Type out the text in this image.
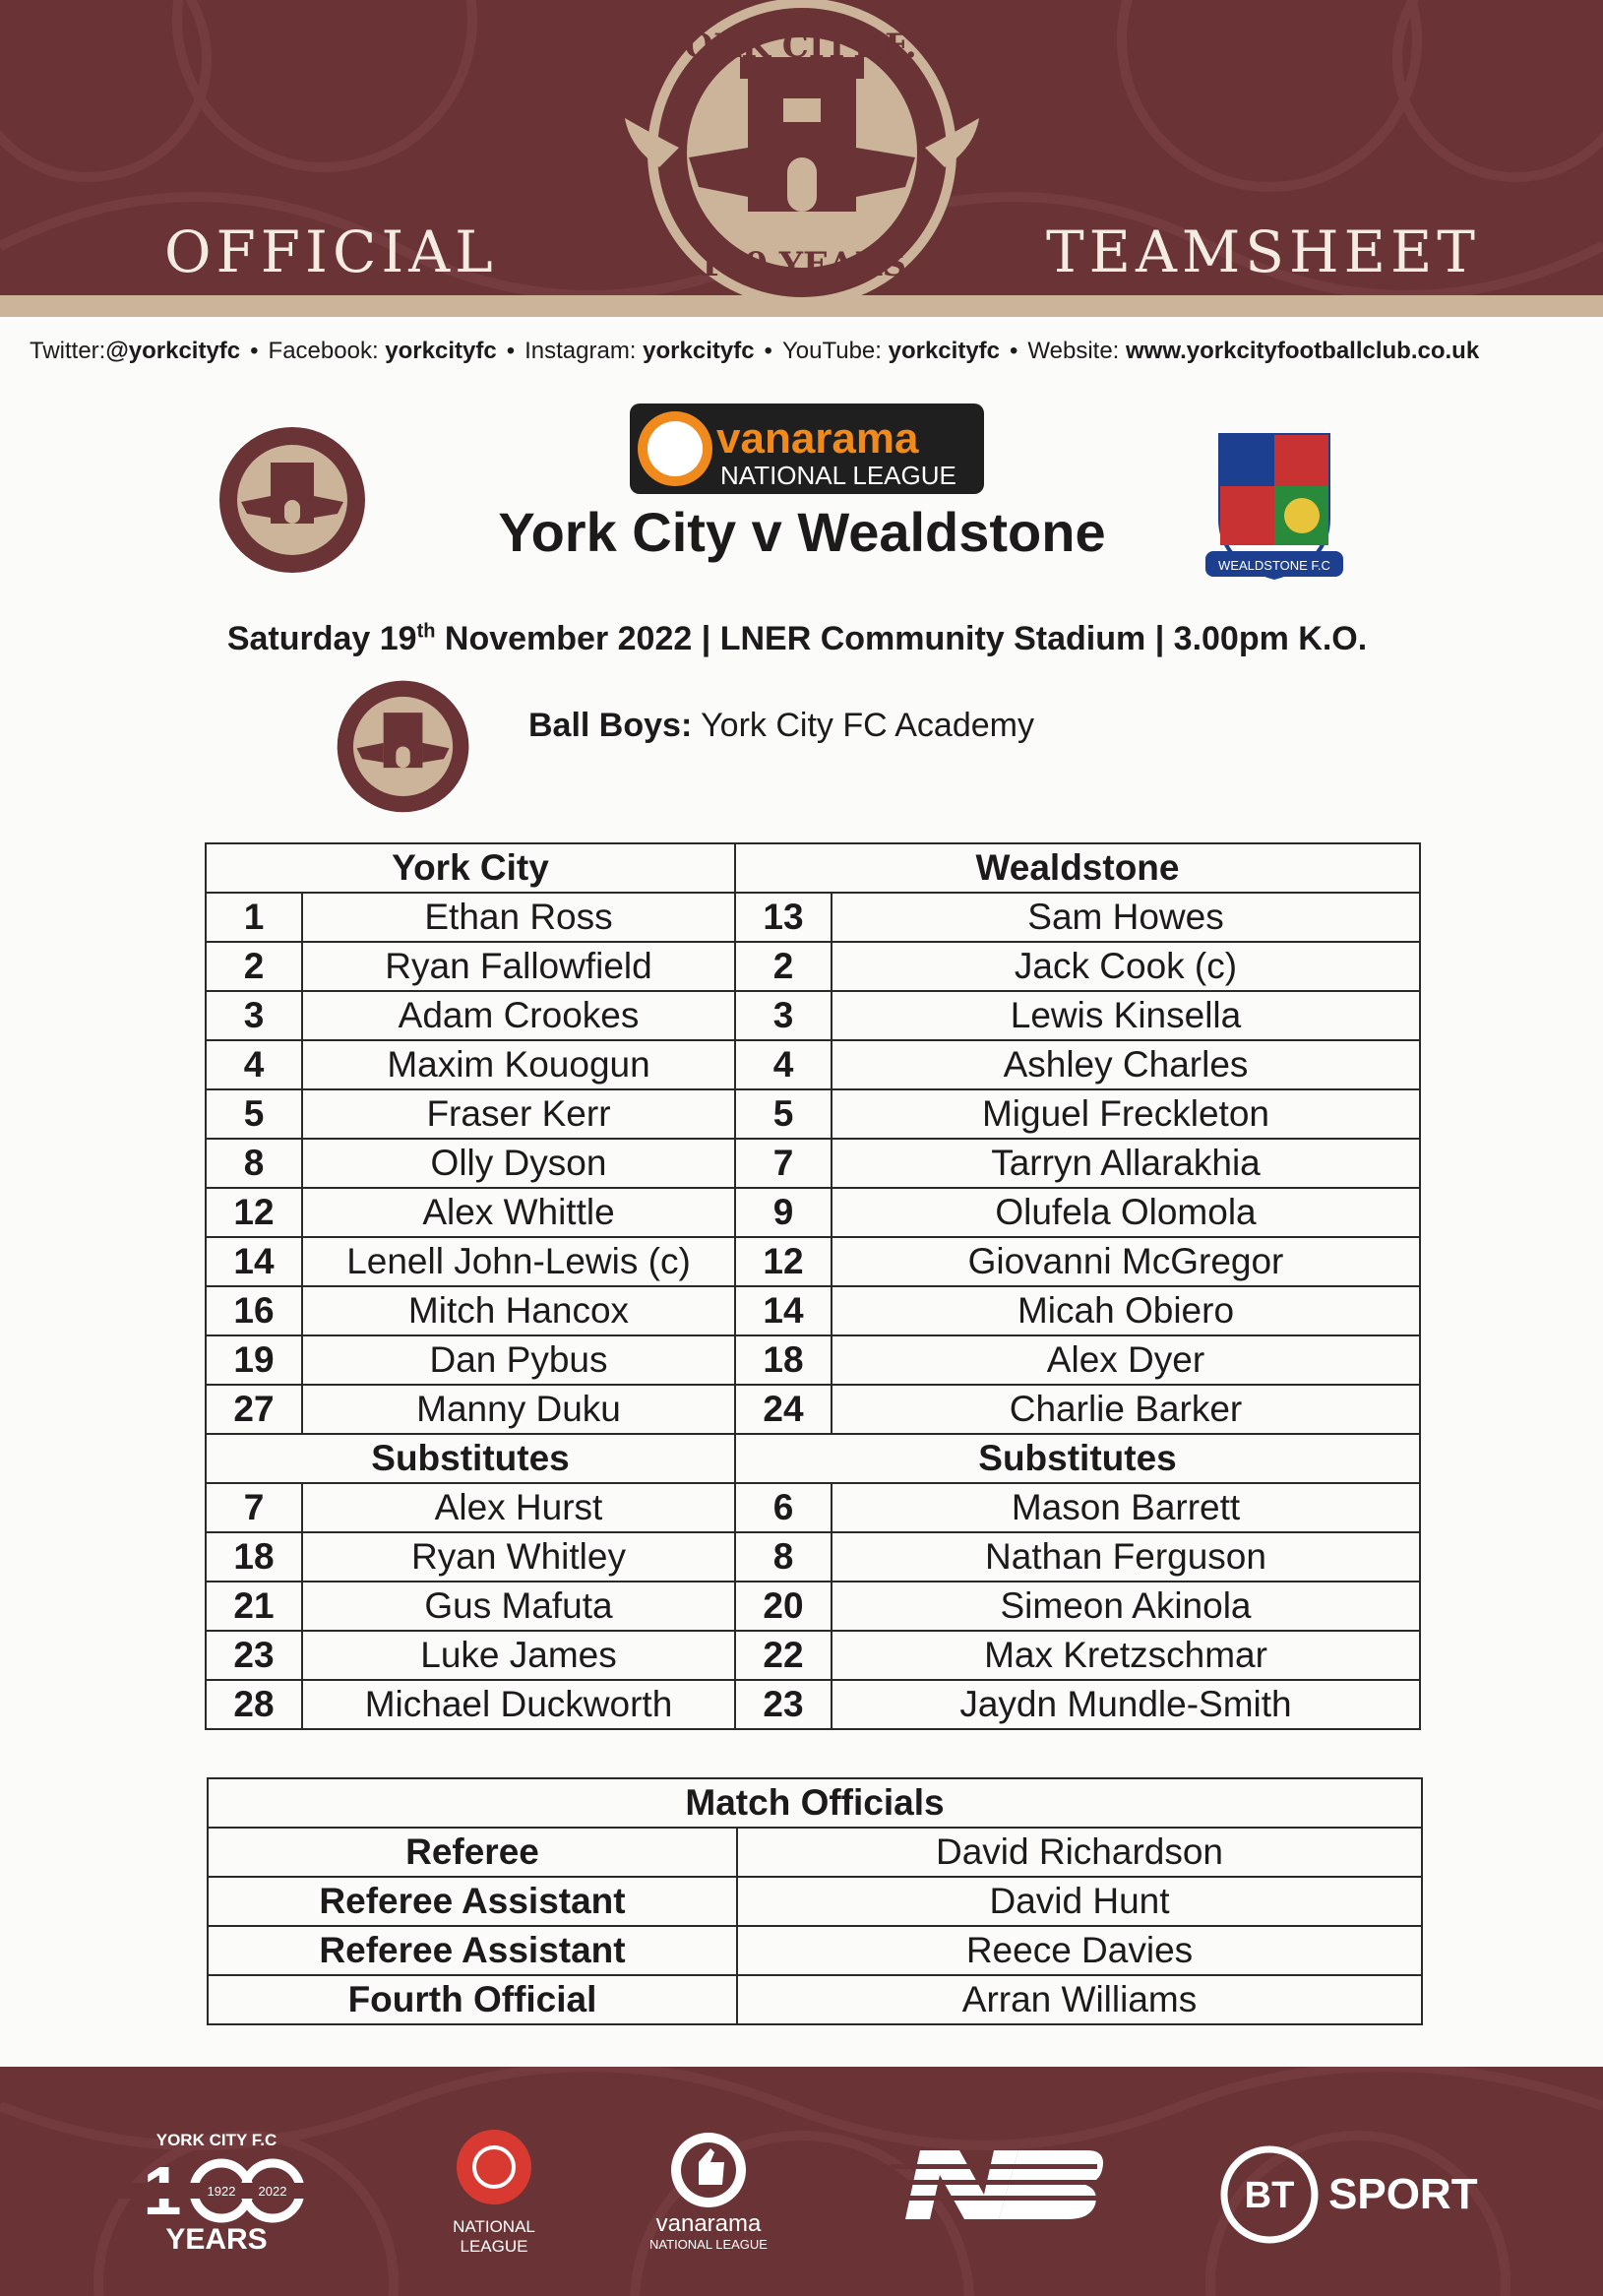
OFFICIAL	TEAMSHEET
YORK CITY F.C
100 YEARS
Twitter:@yorkcityfc • Facebook: yorkcityfc • Instagram: yorkcityfc • YouTube: yorkcityfc • Website: www.yorkcityfootballclub.co.uk
vanarama
NATIONAL LEAGUE
York City v Wealdstone
WEALDSTONE F.C
Saturday 19th November 2022 | LNER Community Stadium | 3.00pm K.O.
Ball Boys: York City FC Academy
York City		Wealdstone	
1	Ethan Ross	13	Sam Howes
2	Ryan Fallowfield	2	Jack Cook (c)
3	Adam Crookes	3	Lewis Kinsella
4	Maxim Kouogun	4	Ashley Charles
5	Fraser Kerr	5	Miguel Freckleton
8	Olly Dyson	7	Tarryn Allarakhia
12	Alex Whittle	9	Olufela Olomola
14	Lenell John-Lewis (c)	12	Giovanni McGregor
16	Mitch Hancox	14	Micah Obiero
19	Dan Pybus	18	Alex Dyer
27	Manny Duku	24	Charlie Barker
Substitutes		Substitutes	
7	Alex Hurst	6	Mason Barrett
18	Ryan Whitley	8	Nathan Ferguson
21	Gus Mafuta	20	Simeon Akinola
23	Luke James	22	Max Kretzschmar
28	Michael Duckworth	23	Jaydn Mundle-Smith
Match Officials	
Referee	David Richardson
Referee Assistant	David Hunt
Referee Assistant	Reece Davies
Fourth Official	Arran Williams
YORK CITY F.C
1922 2022
YEARS	NATIONAL
LEAGUE
vanarama
NATIONAL LEAGUE
BT SPORT
